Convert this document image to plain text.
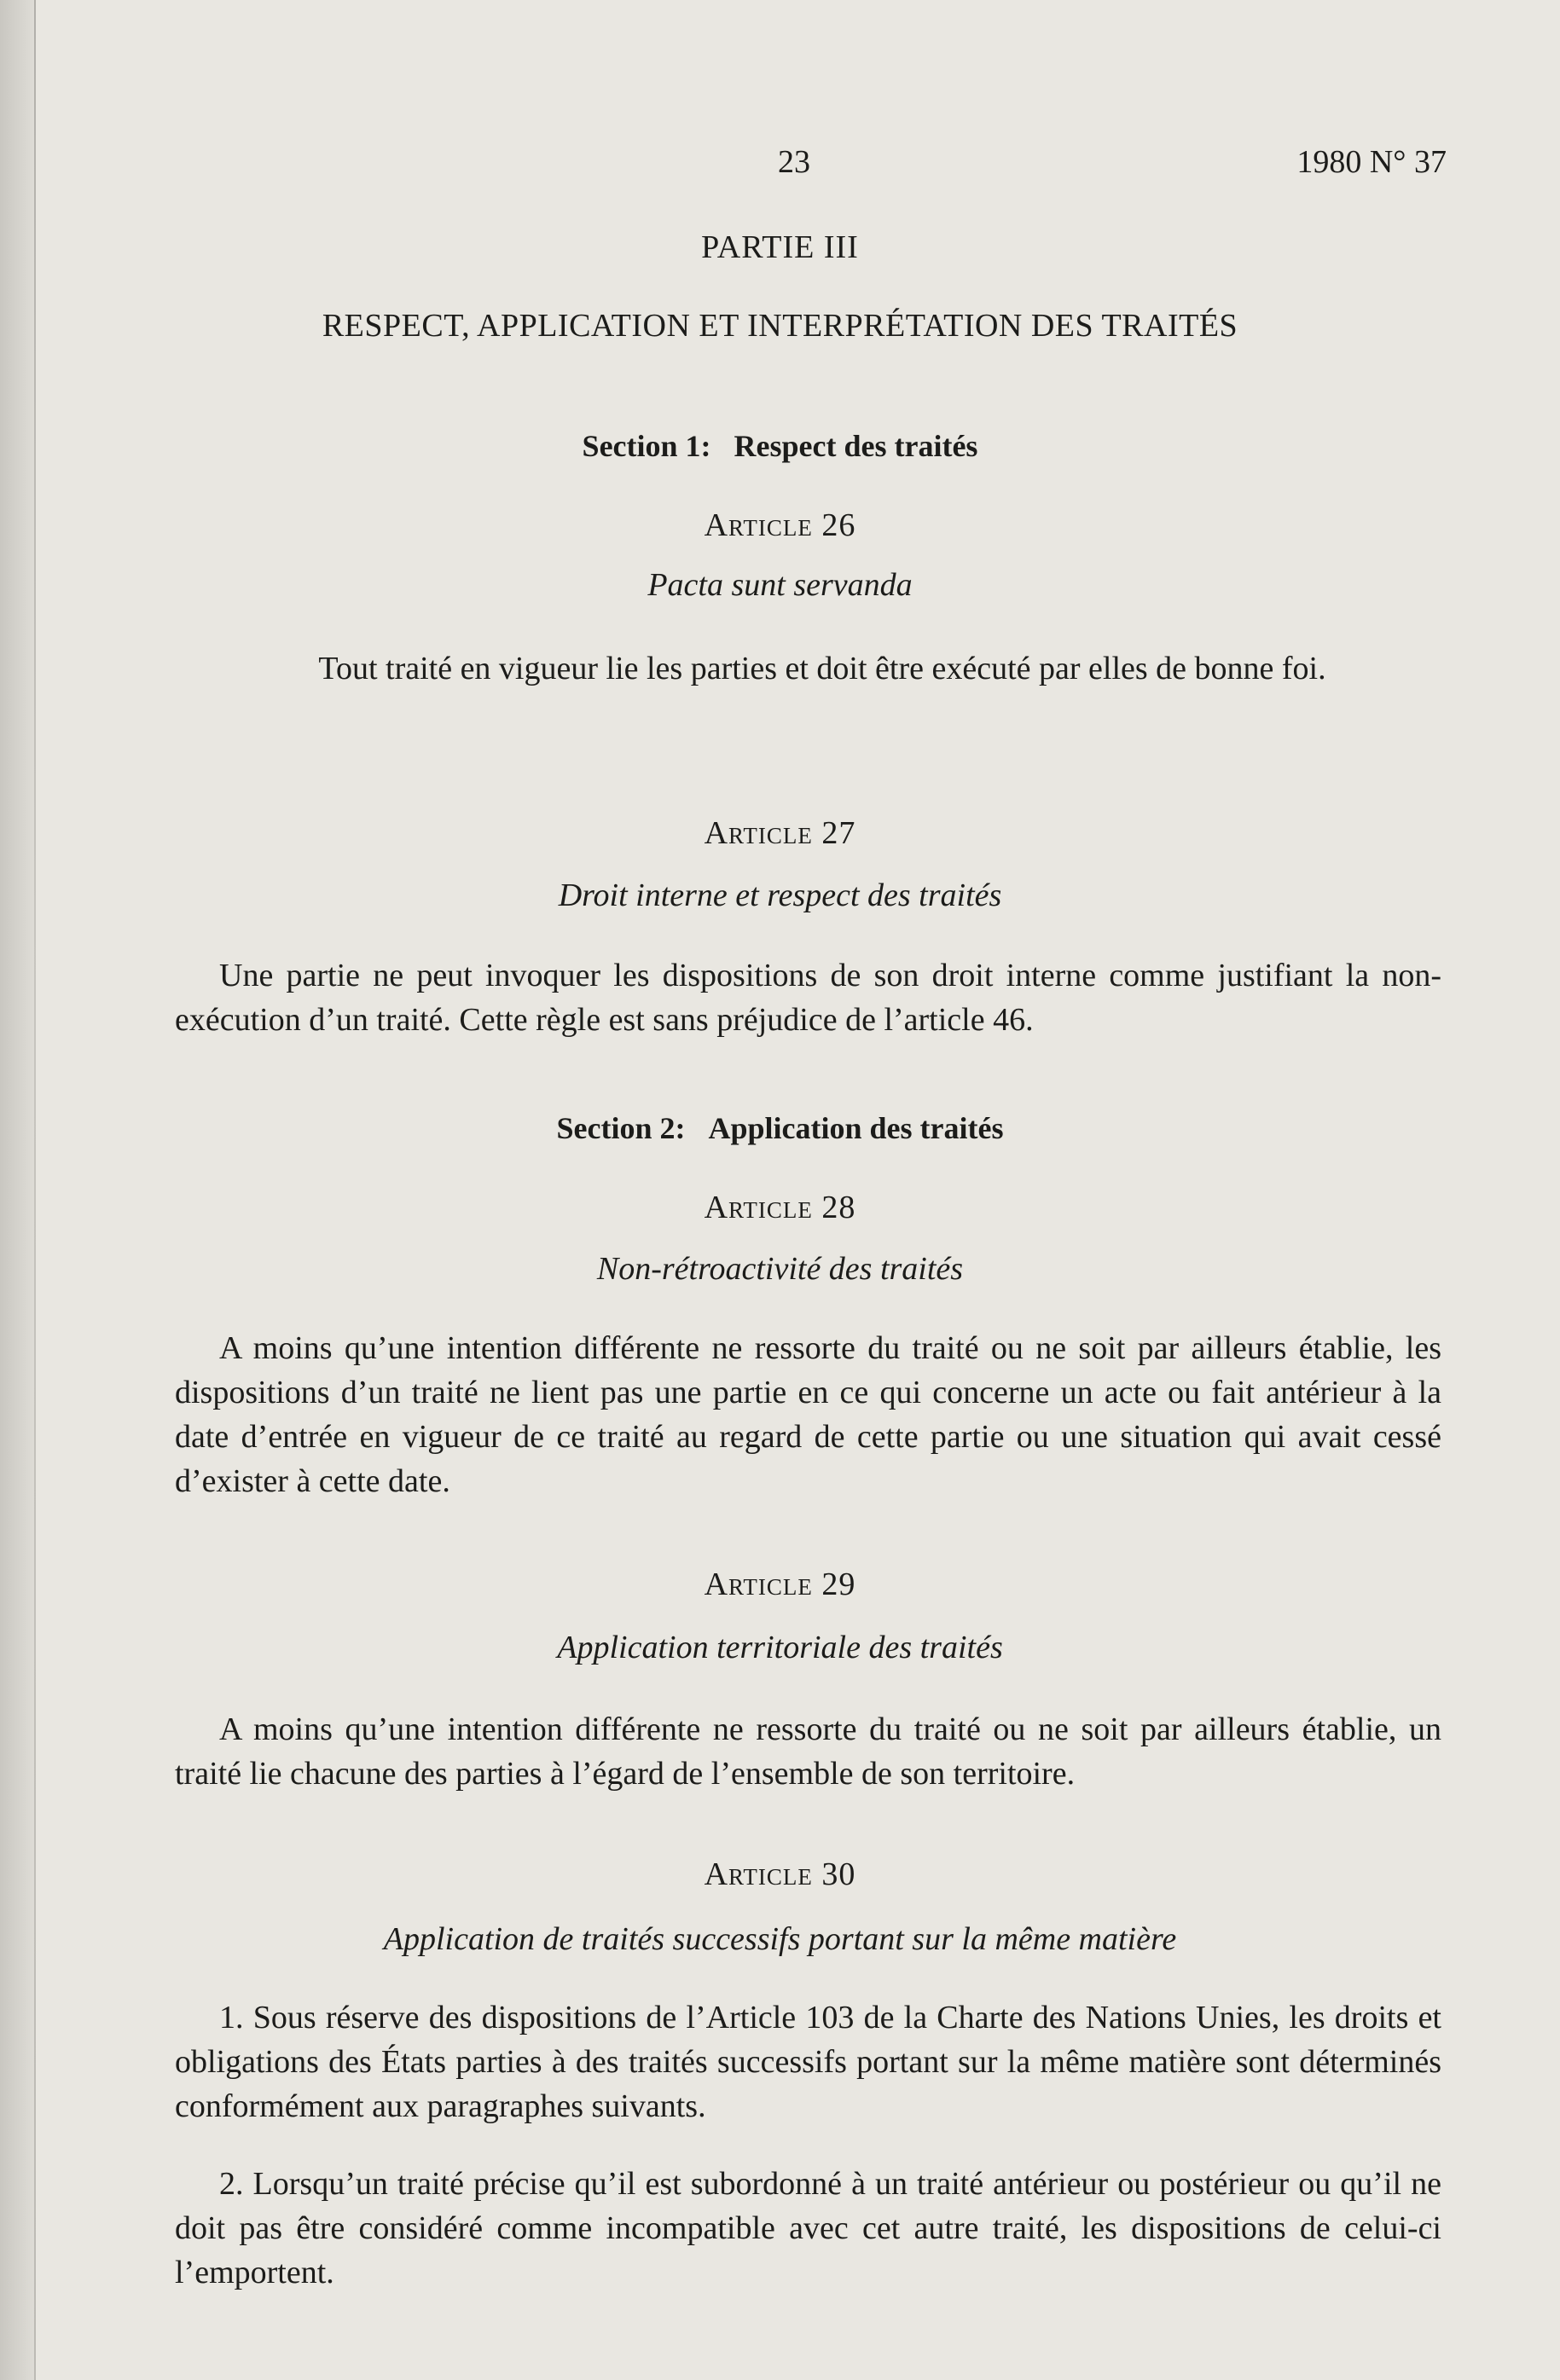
23	1980 N° 37
PARTIE III
RESPECT, APPLICATION ET INTERPRÉTATION DES TRAITÉS
Section 1: Respect des traités
Article 26
Pacta sunt servanda
Tout traité en vigueur lie les parties et doit être exécuté par elles de bonne foi.
Article 27
Droit interne et respect des traités
Une partie ne peut invoquer les dispositions de son droit interne comme justifiant la non-exécution d’un traité. Cette règle est sans préjudice de l’article 46.
Section 2: Application des traités
Article 28
Non-rétroactivité des traités
A moins qu’une intention différente ne ressorte du traité ou ne soit par ailleurs établie, les dispositions d’un traité ne lient pas une partie en ce qui concerne un acte ou fait antérieur à la date d’entrée en vigueur de ce traité au regard de cette partie ou une situation qui avait cessé d’exister à cette date.
Article 29
Application territoriale des traités
A moins qu’une intention différente ne ressorte du traité ou ne soit par ailleurs établie, un traité lie chacune des parties à l’égard de l’ensemble de son territoire.
Article 30
Application de traités successifs portant sur la même matière
1. Sous réserve des dispositions de l’Article 103 de la Charte des Nations Unies, les droits et obligations des États parties à des traités successifs portant sur la même matière sont déterminés conformément aux paragraphes suivants.
2. Lorsqu’un traité précise qu’il est subordonné à un traité antérieur ou postérieur ou qu’il ne doit pas être considéré comme incompatible avec cet autre traité, les dispositions de celui-ci l’emportent.
